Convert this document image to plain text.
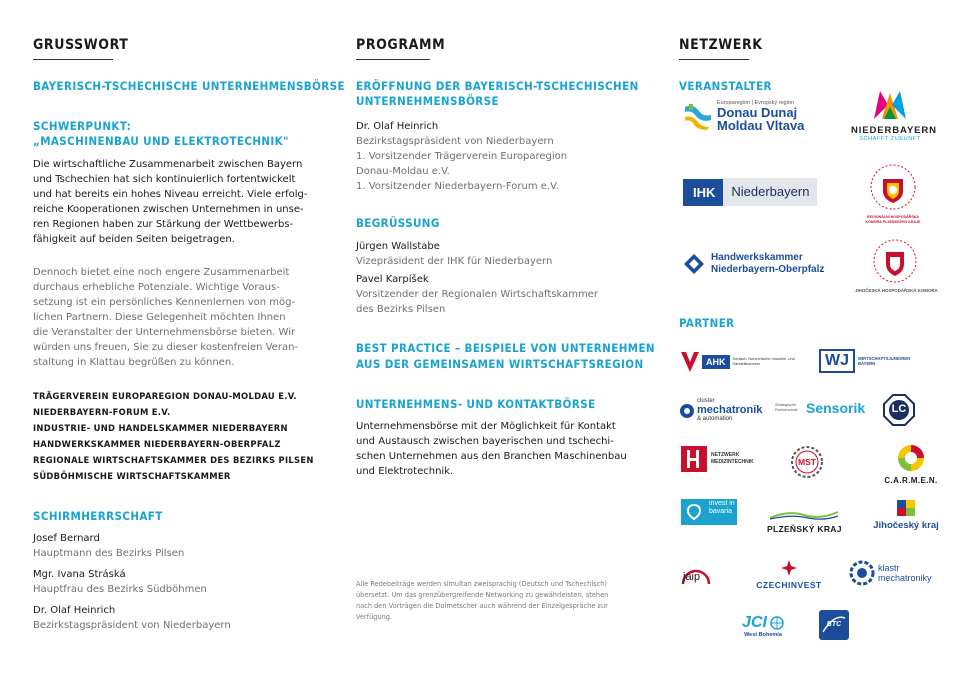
GRUSSWORT
BAYERISCH-TSCHECHISCHE UNTERNEHMENSBÖRSE
SCHWERPUNKT:
„MASCHINENBAU UND ELEKTROTECHNIK"
Die wirtschaftliche Zusammenarbeit zwischen Bayern
und Tschechien hat sich kontinuierlich fortentwickelt
und hat bereits ein hohes Niveau erreicht. Viele erfolg-
reiche Kooperationen zwischen Unternehmen in unse-
ren Regionen haben zur Stärkung der Wettbewerbs-
fähigkeit auf beiden Seiten beigetragen.
Dennoch bietet eine noch engere Zusammenarbeit
durchaus erhebliche Potenziale. Wichtige Voraus-
setzung ist ein persönliches Kennenlernen von mög-
lichen Partnern. Diese Gelegenheit möchten Ihnen
die Veranstalter der Unternehmensbörse bieten. Wir
würden uns freuen, Sie zu dieser kostenfreien Veran-
staltung in Klattau begrüßen zu können.
TRÄGERVEREIN EUROPAREGION DONAU-MOLDAU E.V.
NIEDERBAYERN-FORUM E.V.
INDUSTRIE- UND HANDELSKAMMER NIEDERBAYERN
HANDWERKSKAMMER NIEDERBAYERN-OBERPFALZ
REGIONALE WIRTSCHAFTSKAMMER DES BEZIRKS PILSEN
SÜDBÖHMISCHE WIRTSCHAFTSKAMMER
SCHIRMHERRSCHAFT
Josef Bernard
Hauptmann des Bezirks Pilsen
Mgr. Ivana Stráská
Hauptfrau des Bezirks Südböhmen
Dr. Olaf Heinrich
Bezirkstagspräsident von Niederbayern
PROGRAMM
ERÖFFNUNG DER BAYERISCH-TSCHECHISCHEN
UNTERNEHMENSBÖRSE
Dr. Olaf Heinrich
Bezirkstagspräsident von Niederbayern
1. Vorsitzender Trägerverein Europaregion
Donau-Moldau e.V.
1. Vorsitzender Niederbayern-Forum e.V.
BEGRÜSSUNG
Jürgen Wallstabe
Vizepräsident der IHK für Niederbayern
Pavel Karpíšek
Vorsitzender der Regionalen Wirtschaftskammer
des Bezirks Pilsen
BEST PRACTICE – BEISPIELE VON UNTERNEHMEN
AUS DER GEMEINSAMEN WIRTSCHAFTSREGION
UNTERNEHMENS- UND KONTAKTBÖRSE
Unternehmensbörse mit der Möglichkeit für Kontakt
und Austausch zwischen bayerischen und tschechi-
schen Unternehmen aus den Branchen Maschinenbau
und Elektrotechnik.
Alle Redebeiträge werden simultan zweisprachig (Deutsch und Tschechisch)
übersetzt. Um das grenzübergreifende Networking zu gewährleisten, stehen
nach den Vorträgen die Dolmetscher auch während der Einzelgespräche zur
Verfügung.
NETZWERK
VERANSTALTER
Europaregion | Evropský region
Donau Dunaj
Moldau Vltava	NIEDERBAYERN
SCHAFFT ZUKUNFT
IHK	Niederbayern
REGIONÁLNÍ HOSPODÁŘSKÁ KOMORA PLZEŇSKÉHO KRAJE
Handwerkskammer
Niederbayern-Oberpfalz
JIHOČESKÁ HOSPODÁŘSKÁ KOMORA
PARTNER
AHK	Deutsch-Tschechische Industrie- und Handelskammer	WJ	WIRTSCHAFTSJUNIOREN BAYERN
cluster
mechatronik
& automation
Strategische Partnerschaft Sensorik	LC
NETZWERK MEDIZINTECHNIK	MST
C.A.R.M.E.N.
invest in bavaria
PLZEŇSKÝ KRAJ	Jihočeský kraj
jaip
CZECHINVEST
klastr
mechatroniky
JCI
West Bohemia
BTC
